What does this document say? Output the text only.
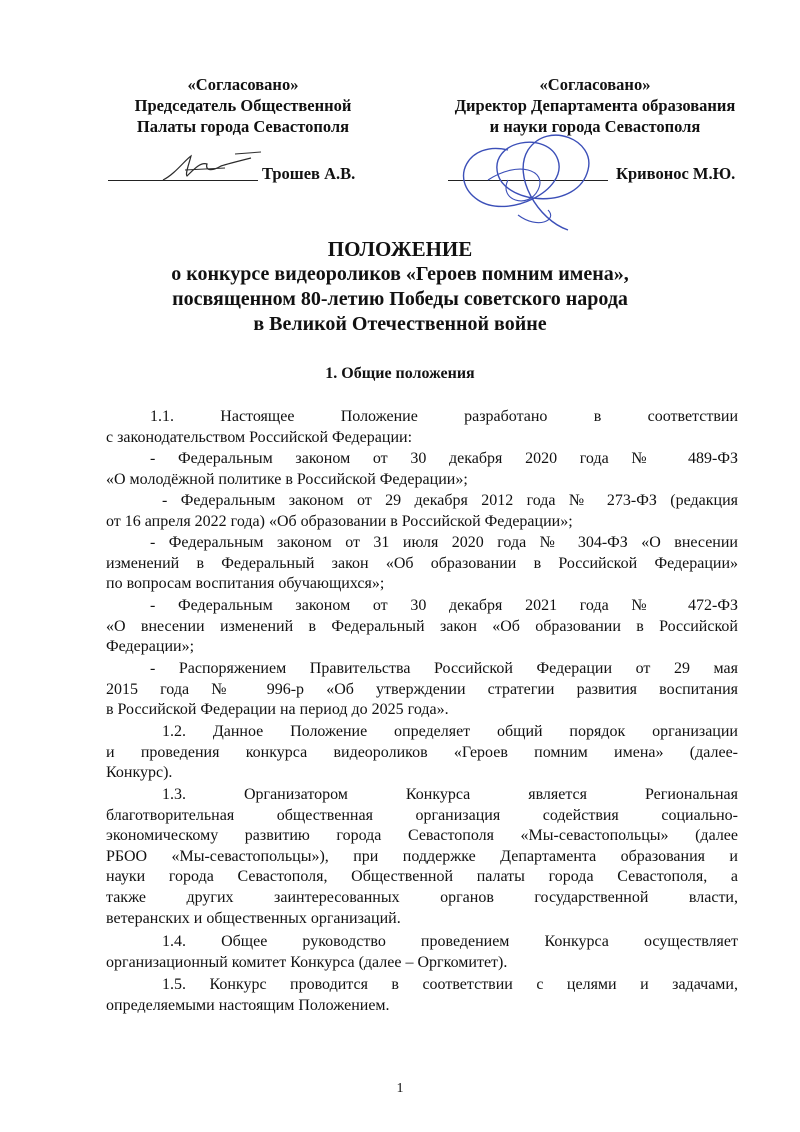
«Согласовано»
Председатель Общественной
Палаты города Севастополя
Трошев А.В.
«Согласовано»
Директор Департамента образования
и науки города Севастополя
Кривонос М.Ю.
ПОЛОЖЕНИЕ
о конкурсе видеороликов «Героев помним имена»,
посвященном 80-летию Победы советского народа
в Великой Отечественной войне
1. Общие положения
1.1. Настоящее Положение разработано в соответствии
с законодательством Российской Федерации:
- Федеральным законом от 30 декабря 2020 года № 489-ФЗ
«О молодёжной политике в Российской Федерации»;
- Федеральным законом от 29 декабря 2012 года № 273-ФЗ (редакция
от 16 апреля 2022 года) «Об образовании в Российской Федерации»;
- Федеральным законом от 31 июля 2020 года № 304-ФЗ «О внесении
изменений в Федеральный закон «Об образовании в Российской Федерации»
по вопросам воспитания обучающихся»;
- Федеральным законом от 30 декабря 2021 года № 472-ФЗ
«О внесении изменений в Федеральный закон «Об образовании в Российской
Федерации»;
- Распоряжением Правительства Российской Федерации от 29 мая
2015 года № 996-р «Об утверждении стратегии развития воспитания
в Российской Федерации на период до 2025 года».
1.2. Данное Положение определяет общий порядок организации
и проведения конкурса видеороликов «Героев помним имена» (далее-
Конкурс).
1.3. Организатором Конкурса является Региональная
благотворительная общественная организация содействия социально-
экономическому развитию города Севастополя «Мы-севастопольцы» (далее
РБОО «Мы-севастопольцы»), при поддержке Департамента образования и
науки города Севастополя, Общественной палаты города Севастополя, а
также других заинтересованных органов государственной власти,
ветеранских и общественных организаций.
1.4. Общее руководство проведением Конкурса осуществляет
организационный комитет Конкурса (далее – Оргкомитет).
1.5. Конкурс проводится в соответствии с целями и задачами,
определяемыми настоящим Положением.
1
